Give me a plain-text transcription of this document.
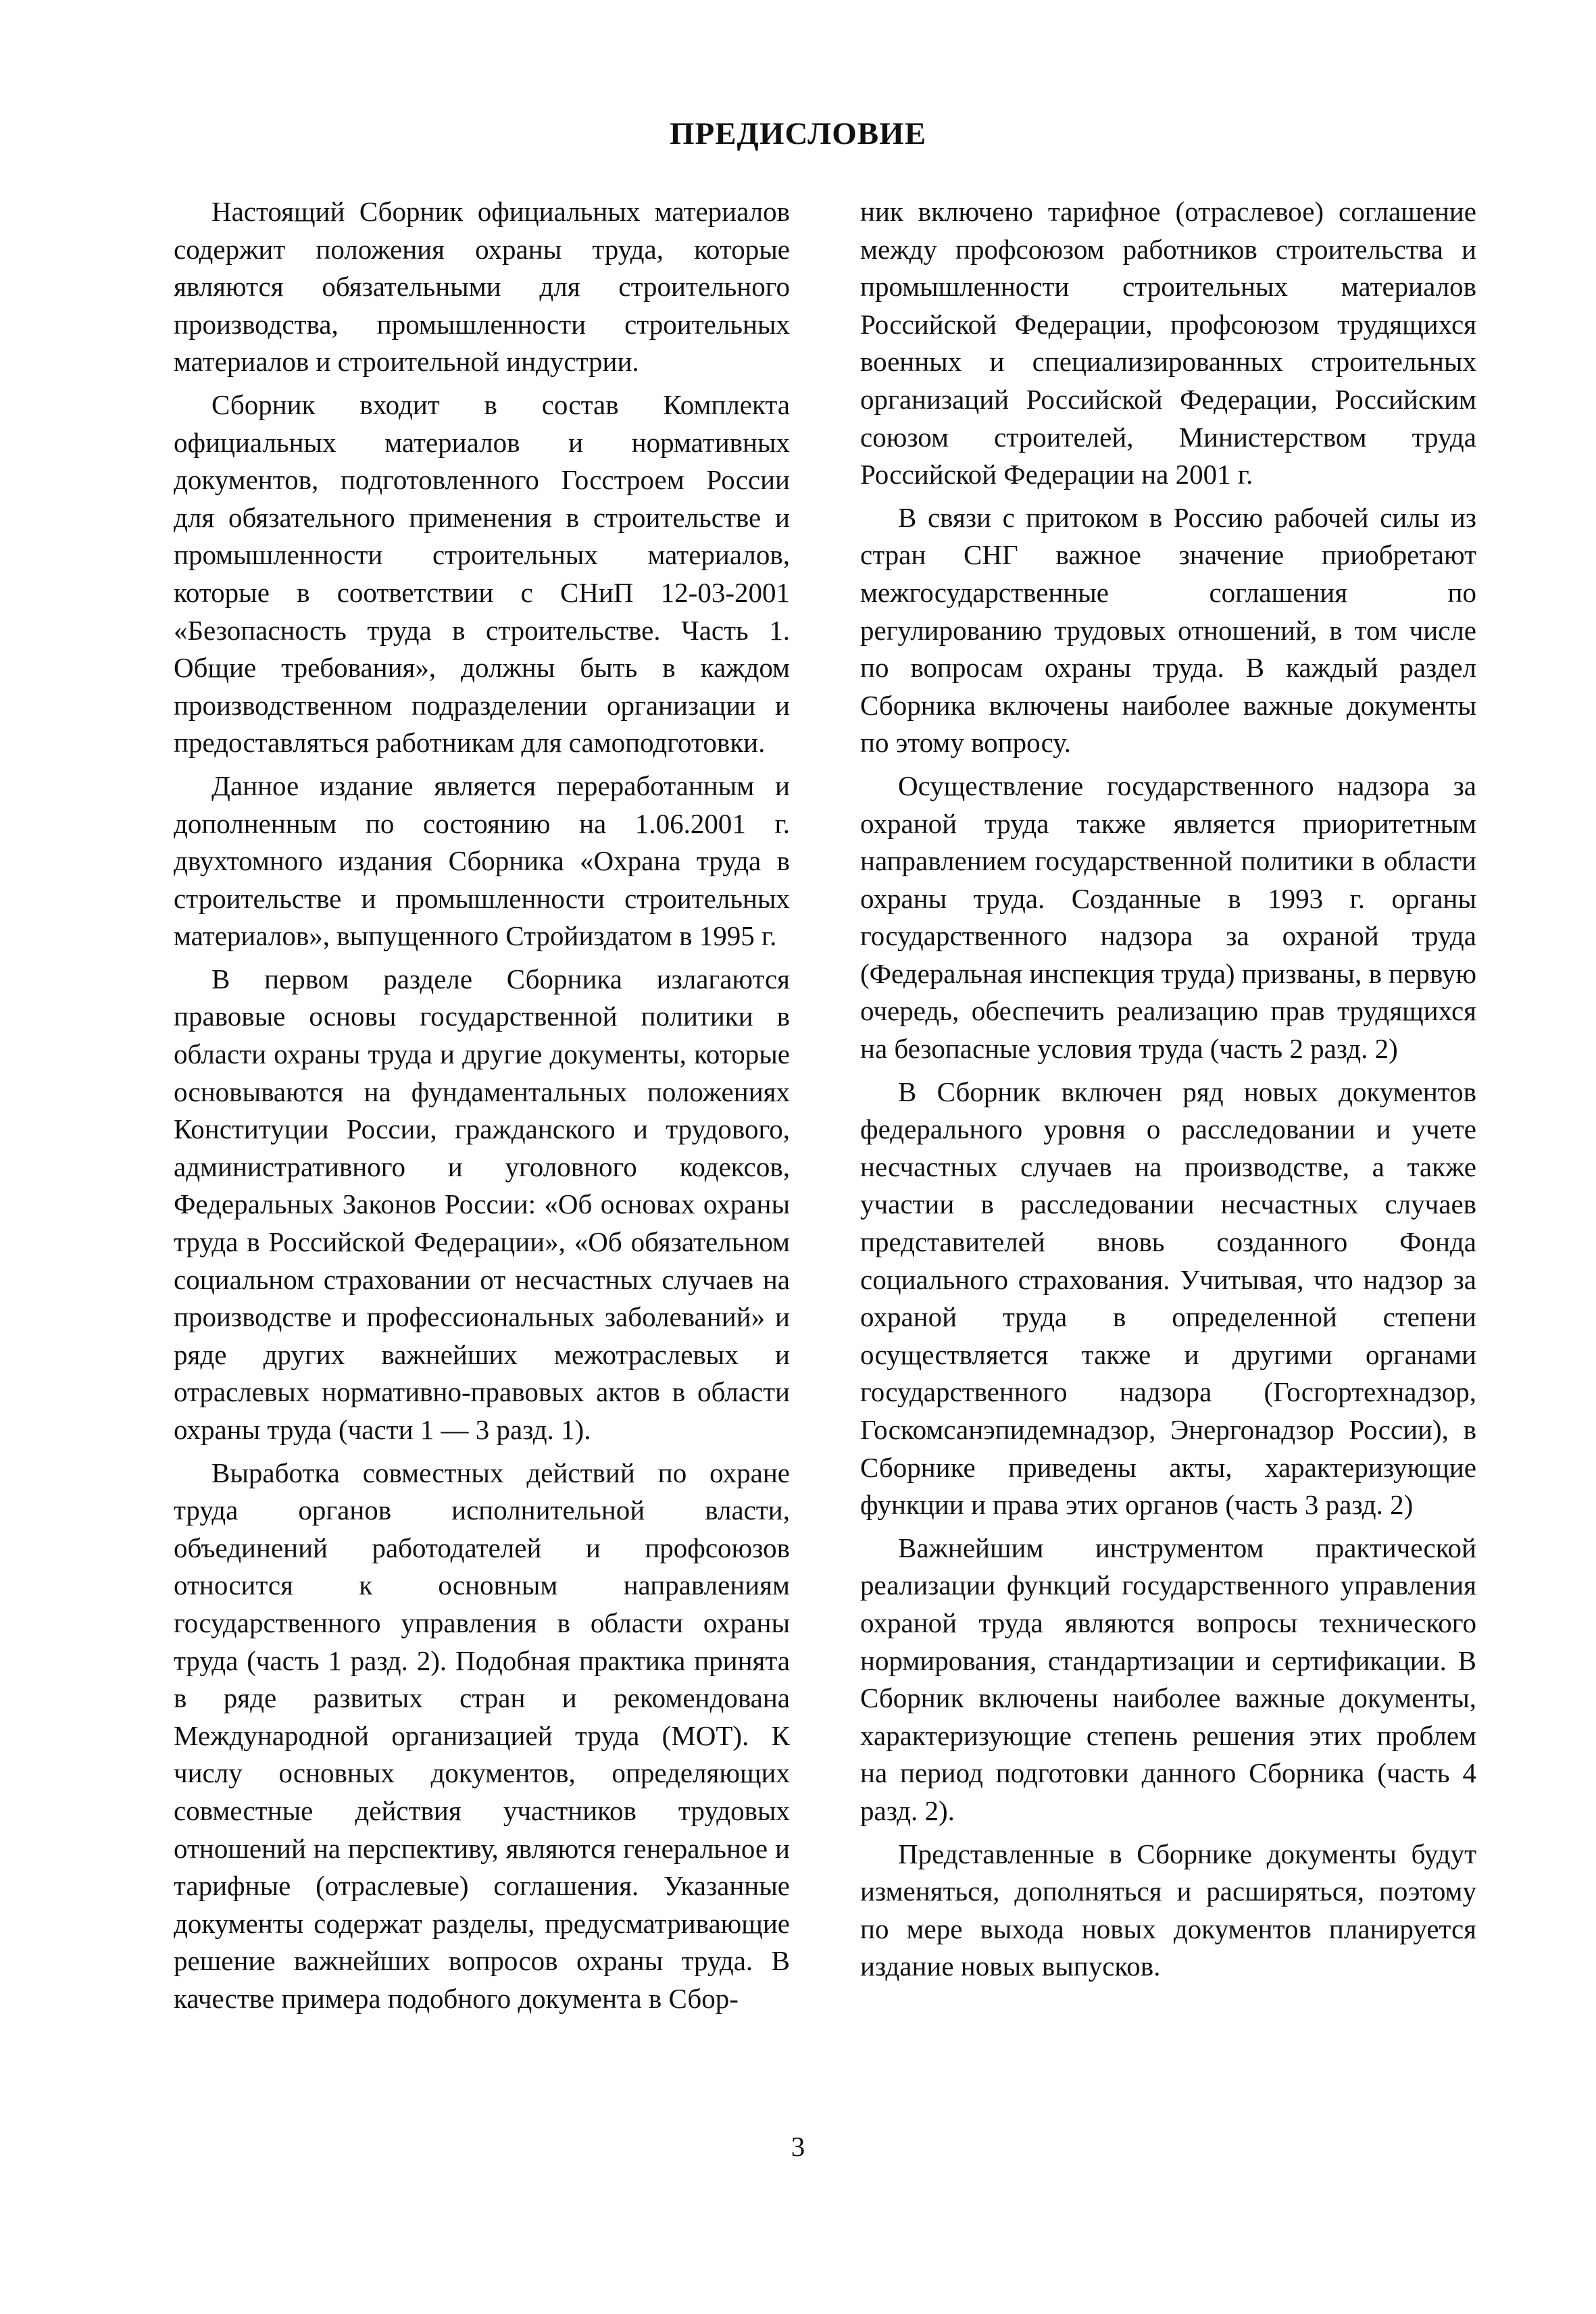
ПРЕДИСЛОВИЕ

Настоящий Сборник официальных материалов содержит положения охраны труда, которые являются обязательными для строительного производства, промышленности строительных материалов и строительной индустрии.

Сборник входит в состав Комплекта официальных материалов и нормативных документов, подготовленного Госстроем России для обязательного применения в строительстве и промышленности строительных материалов, которые в соответствии с СНиП 12-03-2001 «Безопасность труда в строительстве. Часть 1. Общие требования», должны быть в каждом производственном подразделении организации и предоставляться работникам для самоподготовки.

Данное издание является переработанным и дополненным по состоянию на 1.06.2001 г. двухтомного издания Сборника «Охрана труда в строительстве и промышленности строительных материалов», выпущенного Стройиздатом в 1995 г.

В первом разделе Сборника излагаются правовые основы государственной политики в области охраны труда и другие документы, которые основываются на фундаментальных положениях Конституции России, гражданского и трудового, административного и уголовного кодексов, Федеральных Законов России: «Об основах охраны труда в Российской Федерации», «Об обязательном социальном страховании от несчастных случаев на производстве и профессиональных заболеваний» и ряде других важнейших межотраслевых и отраслевых нормативно-правовых актов в области охраны труда (части 1 — 3 разд. 1).

Выработка совместных действий по охране труда органов исполнительной власти, объединений работодателей и профсоюзов относится к основным направлениям государственного управления в области охраны труда (часть 1 разд. 2). Подобная практика принята в ряде развитых стран и рекомендована Международной организацией труда (МОТ). К числу основных документов, определяющих совместные действия участников трудовых отношений на перспективу, являются генеральное и тарифные (отраслевые) соглашения. Указанные документы содержат разделы, предусматривающие решение важнейших вопросов охраны труда. В качестве примера подобного документа в Сбор-

ник включено тарифное (отраслевое) соглашение между профсоюзом работников строительства и промышленности строительных материалов Российской Федерации, профсоюзом трудящихся военных и специализированных строительных организаций Российской Федерации, Российским союзом строителей, Министерством труда Российской Федерации на 2001 г.

В связи с притоком в Россию рабочей силы из стран СНГ важное значение приобретают межгосударственные соглашения по регулированию трудовых отношений, в том числе по вопросам охраны труда. В каждый раздел Сборника включены наиболее важные документы по этому вопросу.

Осуществление государственного надзора за охраной труда также является приоритетным направлением государственной политики в области охраны труда. Созданные в 1993 г. органы государственного надзора за охраной труда (Федеральная инспекция труда) призваны, в первую очередь, обеспечить реализацию прав трудящихся на безопасные условия труда (часть 2 разд. 2)

В Сборник включен ряд новых документов федерального уровня о расследовании и учете несчастных случаев на производстве, а также участии в расследовании несчастных случаев представителей вновь созданного Фонда социального страхования. Учитывая, что надзор за охраной труда в определенной степени осуществляется также и другими органами государственного надзора (Госгортехнадзор, Госкомсанэпидемнадзор, Энергонадзор России), в Сборнике приведены акты, характеризующие функции и права этих органов (часть 3 разд. 2)

Важнейшим инструментом практической реализации функций государственного управления охраной труда являются вопросы технического нормирования, стандартизации и сертификации. В Сборник включены наиболее важные документы, характеризующие степень решения этих проблем на период подготовки данного Сборника (часть 4 разд. 2).

Представленные в Сборнике документы будут изменяться, дополняться и расширяться, поэтому по мере выхода новых документов планируется издание новых выпусков.

3
